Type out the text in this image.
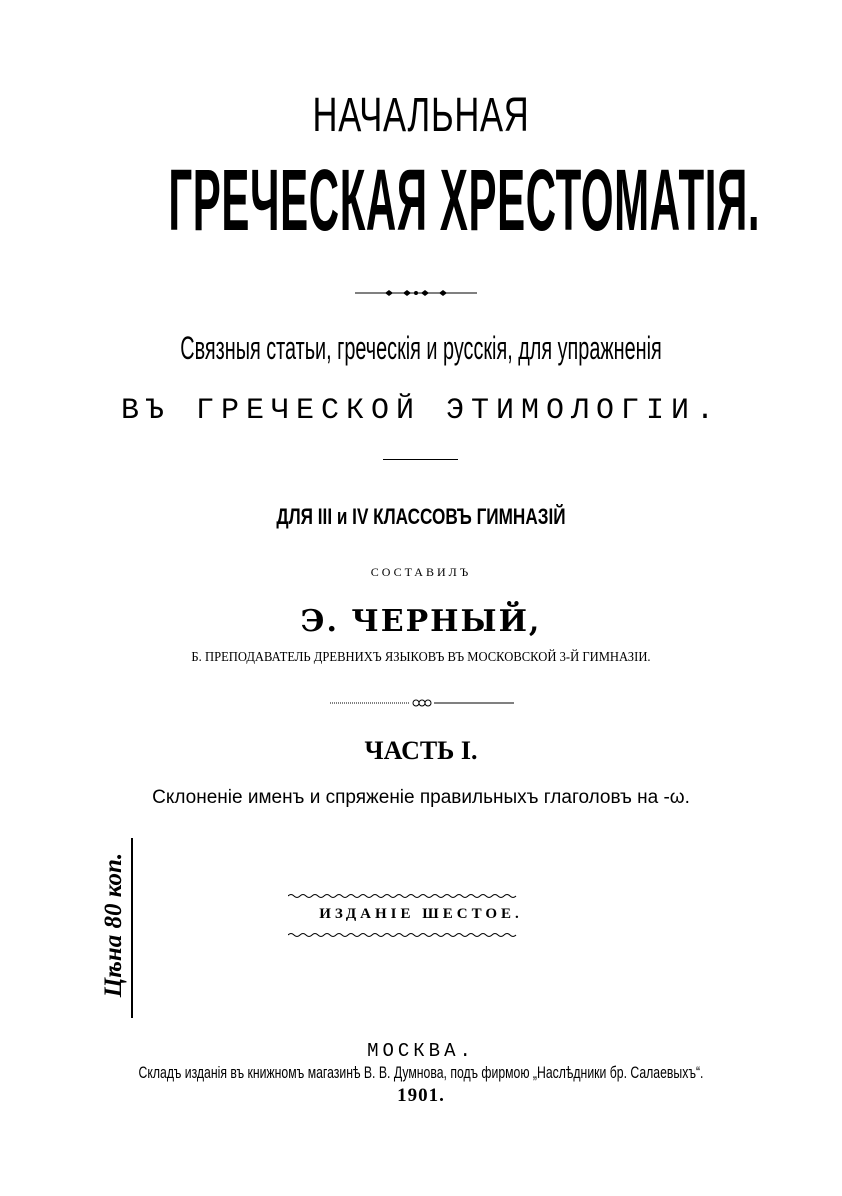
НАЧАЛЬНАЯ
ГРЕЧЕСКАЯ ХРЕСТОМАТІЯ.
Связныя статьи, греческія и русскія, для упражненія
ВЪ ГРЕЧЕСКОЙ ЭТИМОЛОГІИ.
ДЛЯ III и IV КЛАССОВЪ ГИМНАЗІЙ
СОСТАВИЛЪ
Э. ЧЕРНЫЙ,
Б. ПРЕПОДАВАТЕЛЬ ДРЕВНИХЪ ЯЗЫКОВЪ ВЪ МОСКОВСКОЙ 3-Й ГИМНАЗІИ.
ЧАСТЬ I.
Склоненіе именъ и спряженіе правильныхъ глаголовъ на -ω.
Цѣна 80 коп.	ИЗДАНІЕ ШЕСТОЕ.
МОСКВА.
Складъ изданія въ книжномъ магазинѣ В. В. Думнова, подъ фирмою „Наслѣдники бр. Салаевыхъ“.
1901.
